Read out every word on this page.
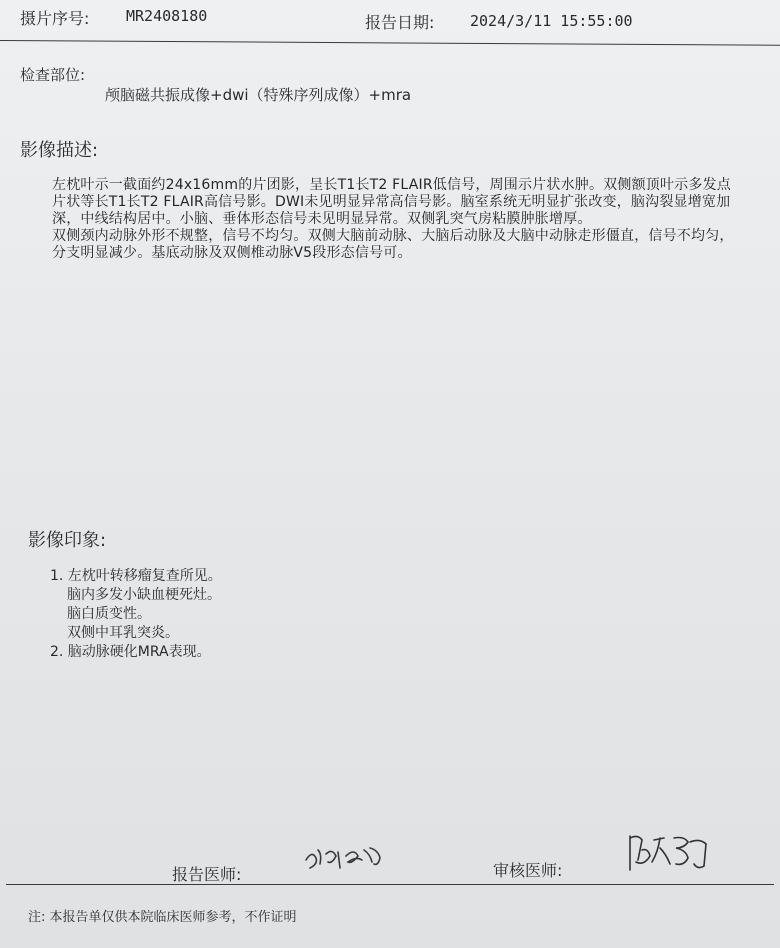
摄片序号: MR2408180	报告日期: 2024/3/11 15:55:00
检查部位:
颅脑磁共振成像+dwi（特殊序列成像）+mra
影像描述:

左枕叶示一截面约24x16mm的片团影，呈长T1长T2 FLAIR低信号，周围示片状水肿。双侧额顶叶示多发点片状等长T1长T2 FLAIR高信号影。DWI未见明显异常高信号影。脑室系统无明显扩张改变，脑沟裂显增宽加深，中线结构居中。小脑、垂体形态信号未见明显异常。双侧乳突气房粘膜肿胀增厚。

双侧颈内动脉外形不规整，信号不均匀。双侧大脑前动脉、大脑后动脉及大脑中动脉走形僵直，信号不均匀，分支明显减少。基底动脉及双侧椎动脉V5段形态信号可。

影像印象:
1. 左枕叶转移瘤复查所见。
脑内多发小缺血梗死灶。
脑白质变性。
双侧中耳乳突炎。
2. 脑动脉硬化MRA表现。
报告医师:	审核医师:
注: 本报告单仅供本院临床医师参考，不作证明
